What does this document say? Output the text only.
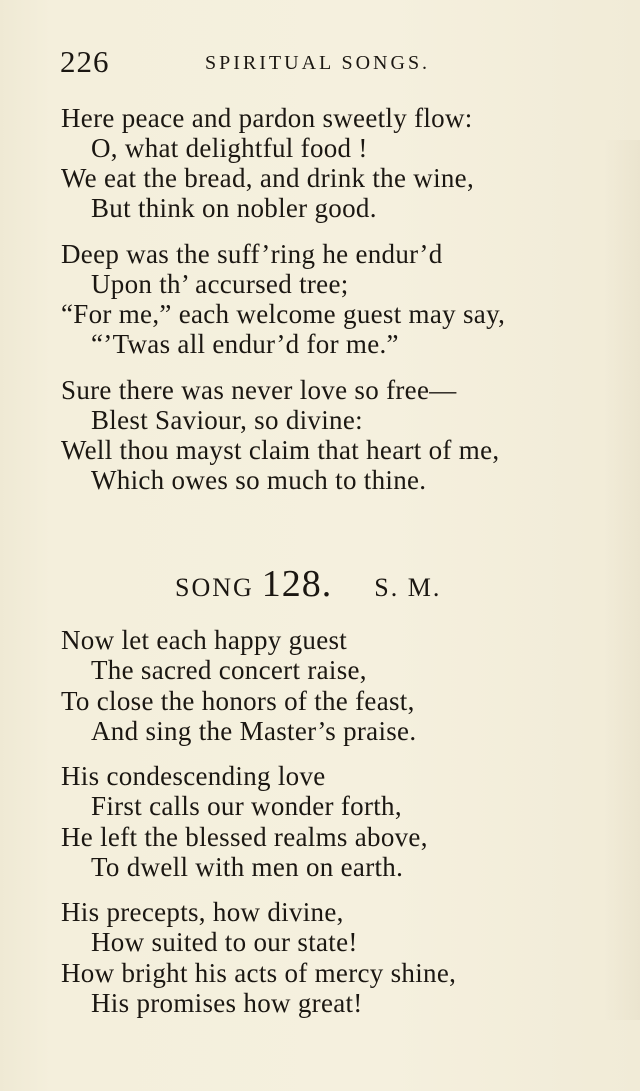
226	SPIRITUAL SONGS.
Here peace and pardon sweetly flow:
O, what delightful food !
We eat the bread, and drink the wine,
But think on nobler good.
Deep was the suff’ring he endur’d
Upon th’ accursed tree;
“For me,” each welcome guest may say,
“’Twas all endur’d for me.”
Sure there was never love so free—
Blest Saviour, so divine:
Well thou mayst claim that heart of me,
Which owes so much to thine.
SONG 128. S. M.
Now let each happy guest
The sacred concert raise,
To close the honors of the feast,
And sing the Master’s praise.
His condescending love
First calls our wonder forth,
He left the blessed realms above,
To dwell with men on earth.
His precepts, how divine,
How suited to our state!
How bright his acts of mercy shine,
His promises how great!
